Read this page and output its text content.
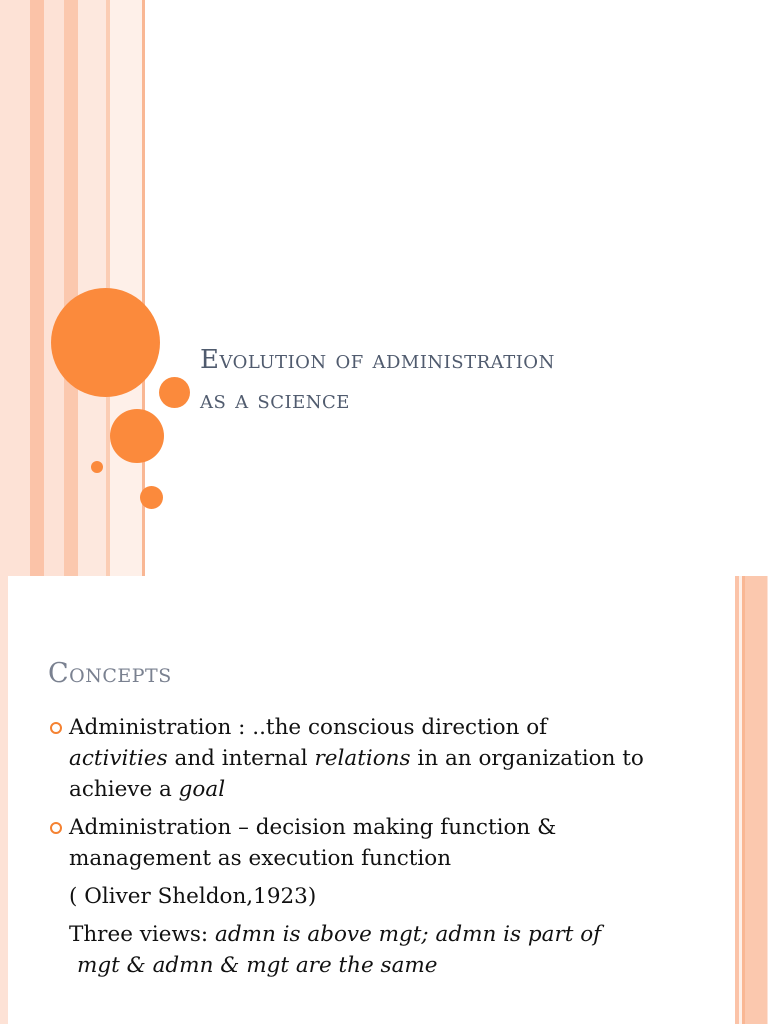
Evolution of administration
as a science
Concepts
Administration : ..the conscious direction of
activities and internal relations in an organization to achieve a goal
Administration – decision making function & management as execution function
( Oliver Sheldon,1923)
Three views: admn is above mgt; admn is part of
mgt & admn & mgt are the same
